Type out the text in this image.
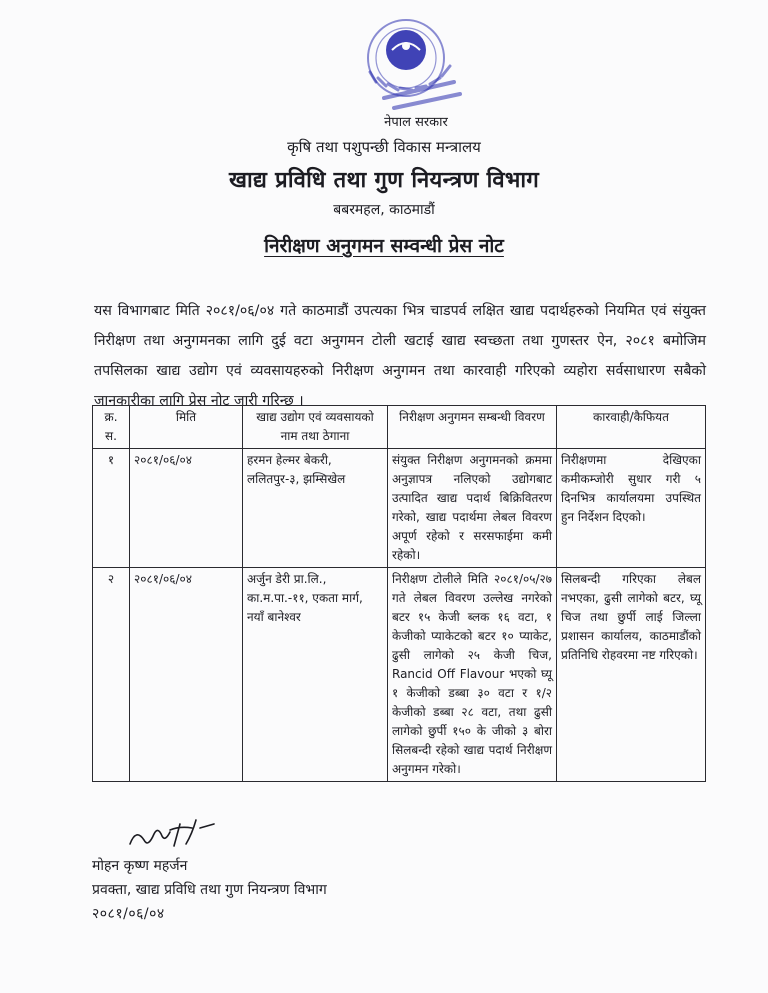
नेपाल सरकार
कृषि तथा पशुपन्छी विकास मन्त्रालय
खाद्य प्रविधि तथा गुण नियन्त्रण विभाग
बबरमहल, काठमाडौं
निरीक्षण अनुगमन सम्वन्धी प्रेस नोट

यस विभागबाट मिति २०८१/०६/०४ गते काठमाडौं उपत्यका भित्र चाडपर्व लक्षित खाद्य पदार्थहरुको नियमित एवं संयुक्त निरीक्षण तथा अनुगमनका लागि दुई वटा अनुगमन टोली खटाई खाद्य स्वच्छता तथा गुणस्तर ऐन, २०८१ बमोजिम तपसिलका खाद्य उद्योग एवं व्यवसायहरुको निरीक्षण अनुगमन तथा कारवाही गरिएको व्यहोरा सर्वसाधारण सबैको जानकारीका लागि प्रेस नोट जारी गरिन्छ ।

क्र. स.	मिति	खाद्य उद्योग एवं व्यवसायको नाम तथा ठेगाना	निरीक्षण अनुगमन सम्बन्धी विवरण	कारवाही/कैफियत
१	२०८१/०६/०४	हरमन हेल्मर बेकरी, ललितपुर-३, झम्सिखेल	संयुक्त निरीक्षण अनुगमनको क्रममा अनुज्ञापत्र नलिएको उद्योगबाट उत्पादित खाद्य पदार्थ बिक्रिवितरण गरेको, खाद्य पदार्थमा लेबल विवरण अपूर्ण रहेको र सरसफाईमा कमी रहेको।	निरीक्षणमा देखिएका कमीकम्जोरी सुधार गरी ५ दिनभित्र कार्यालयमा उपस्थित हुन निर्देशन दिएको।
२	२०८१/०६/०४	अर्जुन डेरी प्रा.लि., का.म.पा.-११, एकता मार्ग, नयाँ बानेश्वर	निरीक्षण टोलीले मिति २०८१/०५/२७ गते लेबल विवरण उल्लेख नगरेको बटर १५ केजी ब्लक १६ वटा, १ केजीको प्याकेटको बटर १० प्याकेट, ढुसी लागेको २५ केजी चिज, Rancid Off Flavour भएको घ्यू १ केजीको डब्बा ३० वटा र १/२ केजीको डब्बा २८ वटा, तथा ढुसी लागेको छुर्पी १५० के जीको ३ बोरा सिलबन्दी रहेको खाद्य पदार्थ निरीक्षण अनुगमन गरेको।	सिलबन्दी गरिएका लेबल नभएका, ढुसी लागेको बटर, घ्यू चिज तथा छुर्पी लाई जिल्ला प्रशासन कार्यालय, काठमाडौंको प्रतिनिधि रोहवरमा नष्ट गरिएको।
मोहन कृष्ण महर्जन
प्रवक्ता, खाद्य प्रविधि तथा गुण नियन्त्रण विभाग
२०८१/०६/०४
